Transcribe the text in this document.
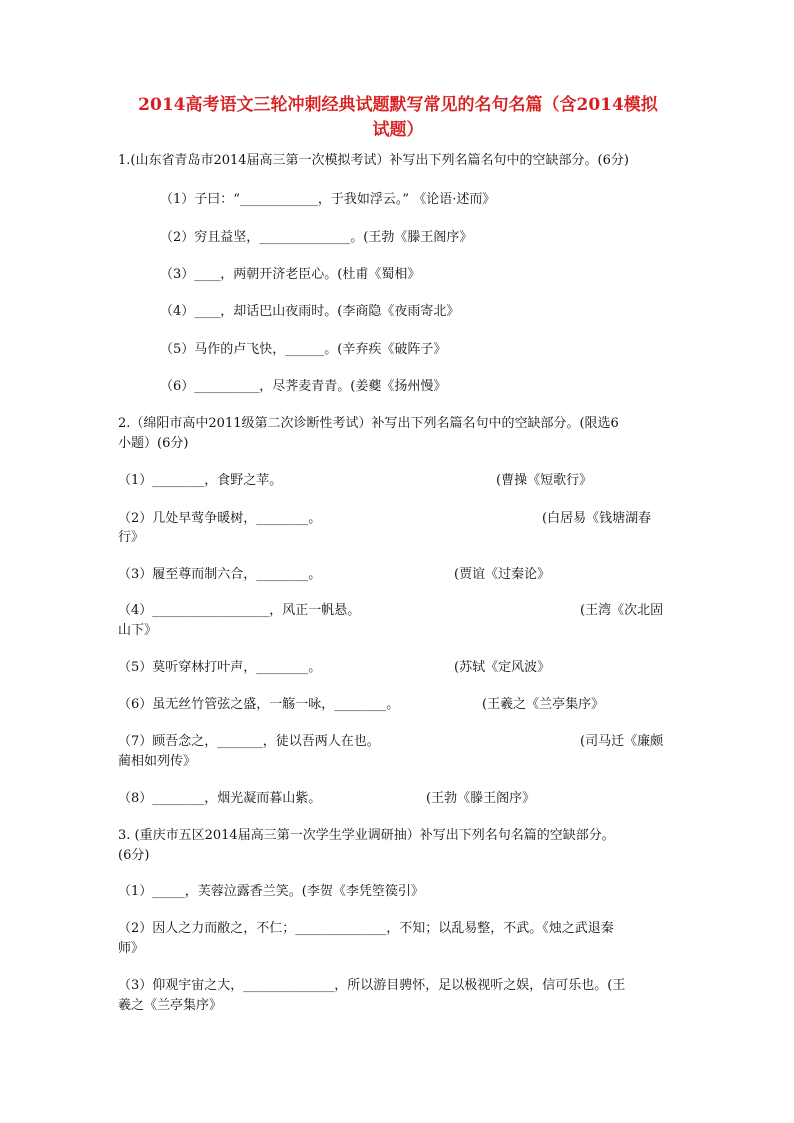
2014高考语文三轮冲刺经典试题默写常见的名句名篇（含2014模拟
试题）
1.(山东省青岛市2014届高三第一次模拟考试）补写出下列名篇名句中的空缺部分。(6分)
（1）子曰：“____________，于我如浮云。” 《论语·述而》
（2）穷且益坚，______________。(王勃《滕王阁序》
（3）____，两朝开济老臣心。(杜甫《蜀相》
（4）____，却话巴山夜雨时。(李商隐《夜雨寄北》
（5）马作的卢飞快，______。(辛弃疾《破阵子》
（6）__________，尽荠麦青青。(姜夔《扬州慢》
2.（绵阳市高中2011级第二次诊断性考试）补写出下列名篇名句中的空缺部分。(限选6
小题）(6分)
（1）________，食野之苹。	(曹操《短歌行》
（2）几处早莺争暖树，________。	(白居易《钱塘湖春
行》
（3）履至尊而制六合，________。	(贾谊《过秦论》
（4）__________________，风正一帆悬。	(王湾《次北固
山下》
（5）莫听穿林打叶声，________。	(苏轼《定风波》
（6）虽无丝竹管弦之盛，一觞一咏，________。	(王羲之《兰亭集序》
（7）顾吾念之，_______，徒以吾两人在也。	(司马迁《廉颇
蔺相如列传》
（8）________，烟光凝而暮山紫。	(王勃《滕王阁序》
3. (重庆市五区2014届高三第一次学生学业调研抽）补写出下列名句名篇的空缺部分。
(6分)
（1）_____，芙蓉泣露香兰笑。(李贺《李凭箜篌引》
（2）因人之力而敝之，不仁；______________，不知；以乱易整，不武。《烛之武退秦
师》
（3）仰观宇宙之大，______________，所以游目骋怀，足以极视听之娱，信可乐也。(王
羲之《兰亭集序》
